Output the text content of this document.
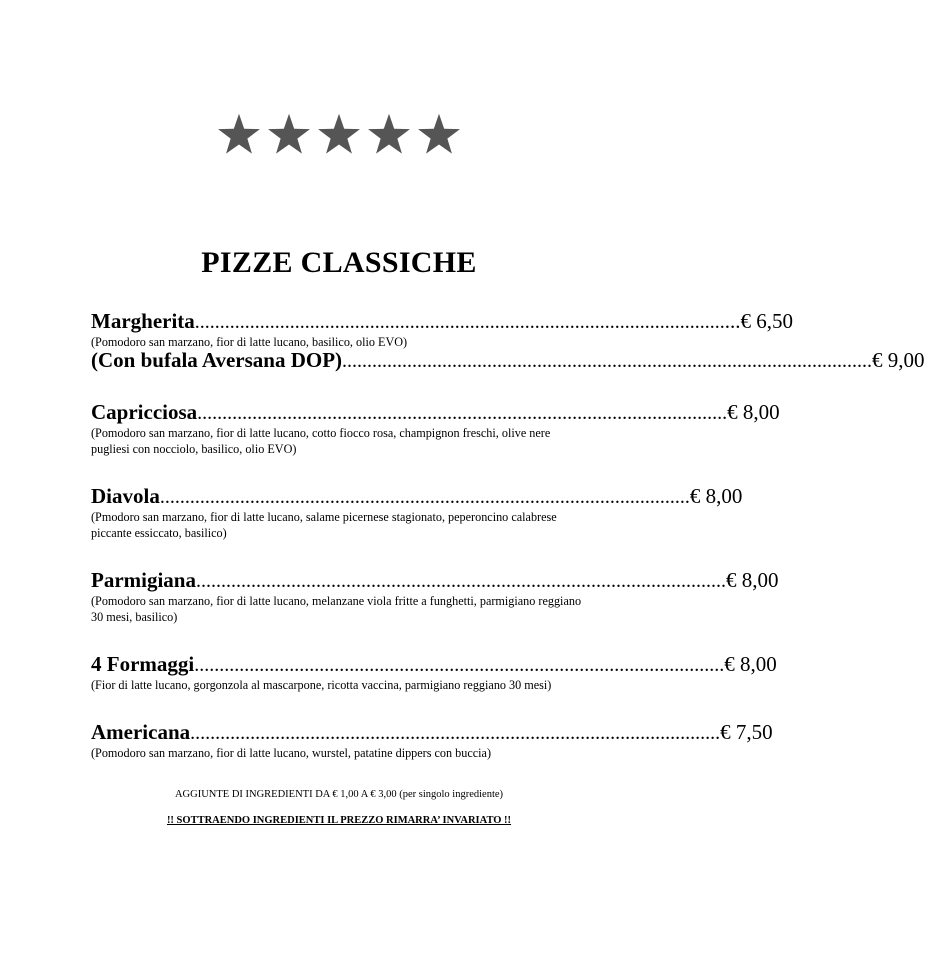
PIZZE CLASSICHE
Margherita .......................................................................................................... ...€ 6,50
(Pomodoro san marzano, fior di latte lucano, basilico, olio EVO)
(Con bufala Aversana DOP) .......................................................................................................... € 9,00
Capricciosa .......................................................................................................... € 8,00
(Pomodoro san marzano, fior di latte lucano, cotto fiocco rosa, champignon freschi, olive nere pugliesi con nocciolo, basilico, olio EVO)
Diavola .......................................................................................................... € 8,00
(Pmodoro san marzano, fior di latte lucano, salame picernese stagionato, peperoncino calabrese piccante essiccato, basilico)
Parmigiana .......................................................................................................... € 8,00
(Pomodoro san marzano, fior di latte lucano, melanzane viola fritte a funghetti, parmigiano reggiano 30 mesi, basilico)
4 Formaggi .......................................................................................................... € 8,00
(Fior di latte lucano, gorgonzola al mascarpone, ricotta vaccina, parmigiano reggiano 30 mesi)
Americana .......................................................................................................... € 7,50
(Pomodoro san marzano, fior di latte lucano, wurstel, patatine dippers con buccia)
AGGIUNTE DI INGREDIENTI DA € 1,00 A € 3,00 (per singolo ingrediente)
!! SOTTRAENDO INGREDIENTI IL PREZZO RIMARRA’ INVARIATO !!
